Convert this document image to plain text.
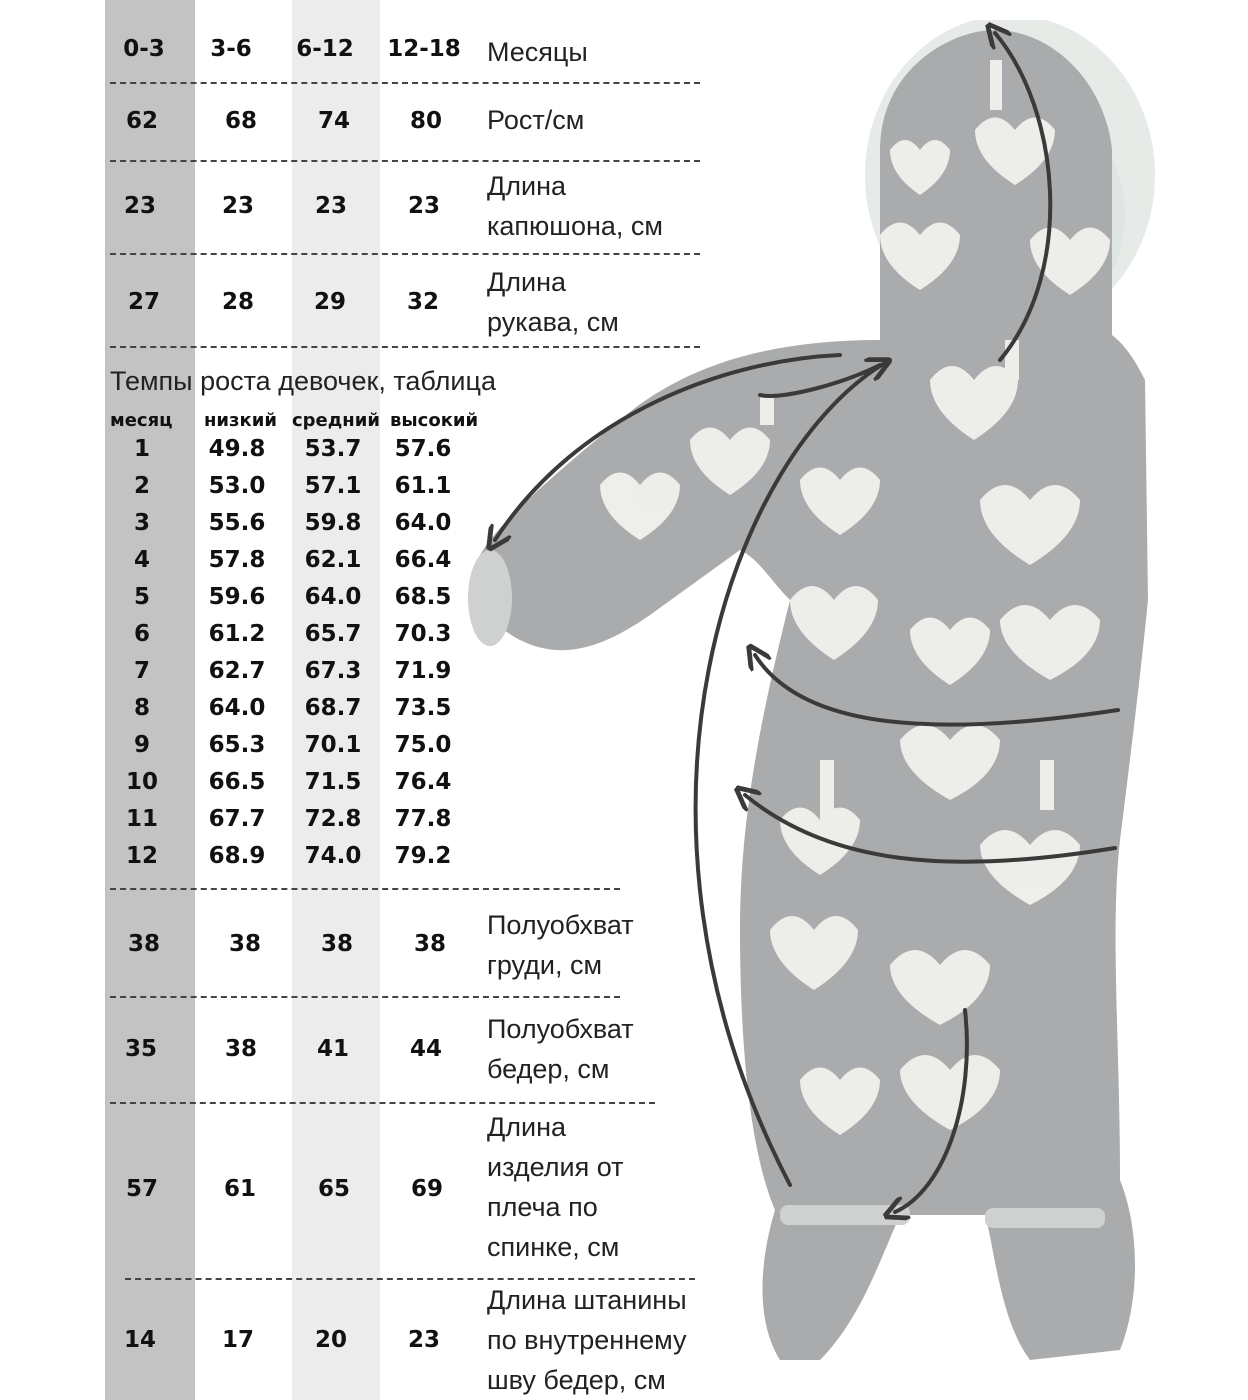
0-3	3-6	6-12	12-18 Месяцы
62	68	74	80	Рост/см
23	23	23	23
Длина
капюшона, см
27	28	29	32
Длина
рукава, см
Темпы роста девочек, таблица
месяц низкий средний высокий
1	49.8	53.7	57.6
2	53.0	57.1	61.1
3	55.6	59.8	64.0
4	57.8	62.1	66.4
5	59.6	64.0	68.5
6	61.2	65.7	70.3
7	62.7	67.3	71.9
8	64.0	68.7	73.5
9	65.3	70.1	75.0
10	66.5	71.5	76.4
11	67.7	72.8	77.8
12	68.9	74.0	79.2
38	38	38	38
Полуобхват
груди, см
35	38	41	44
Полуобхват
бедер, см
57	61	65	69
Длина
изделия от
плеча по
спинке, см
14	17	20	23
Длина штанины
по внутреннему
шву бедер, см
